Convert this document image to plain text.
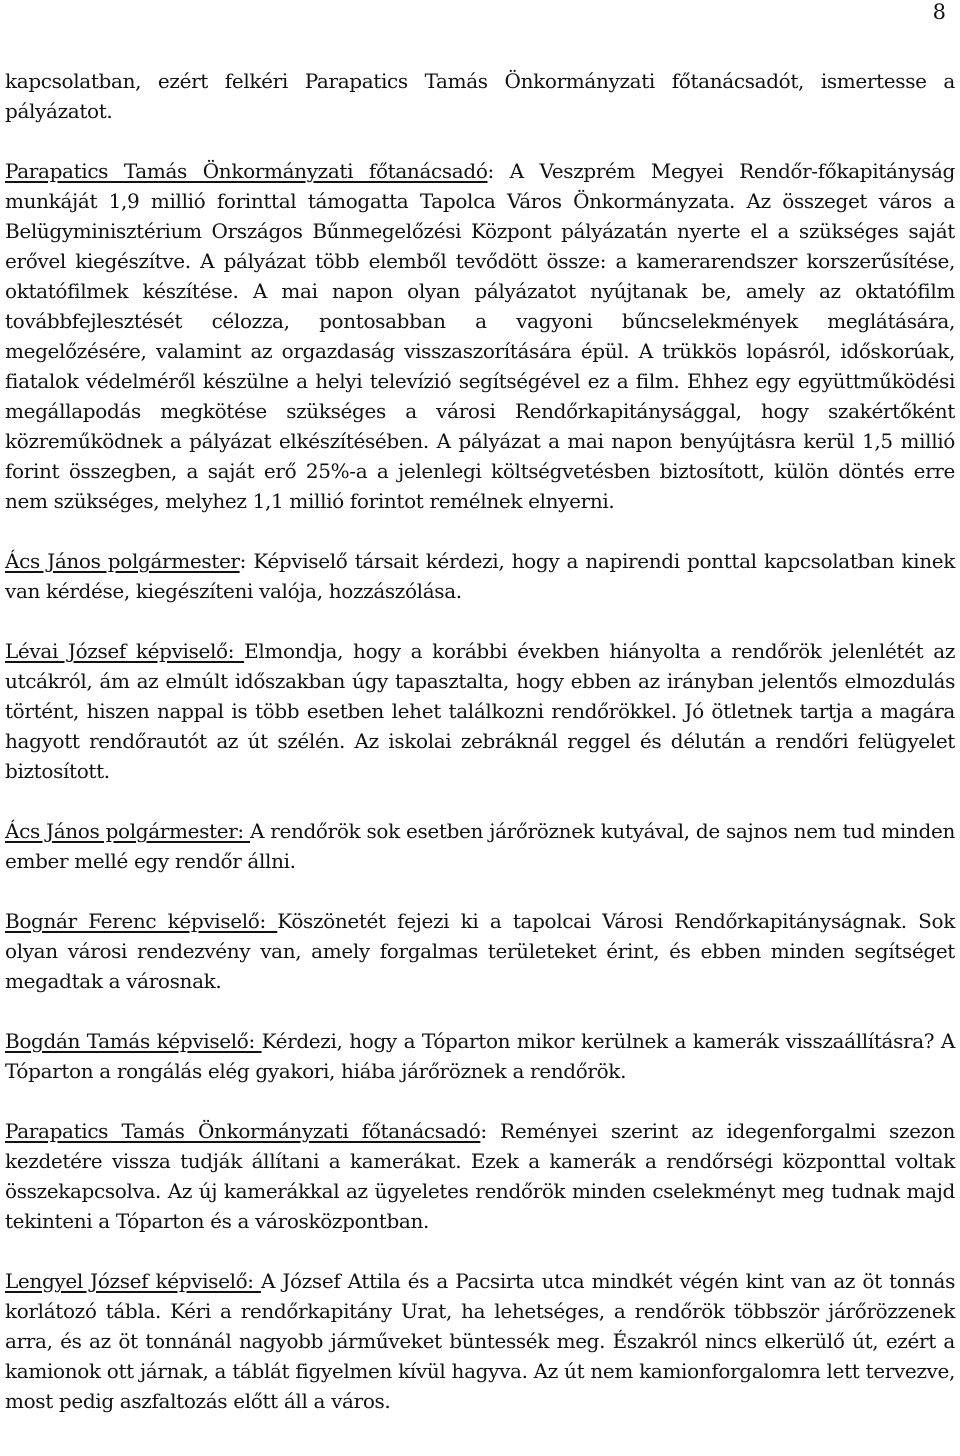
8

kapcsolatban, ezért felkéri Parapatics Tamás Önkormányzati főtanácsadót, ismertesse a pályázatot.

Parapatics Tamás Önkormányzati főtanácsadó: A Veszprém Megyei Rendőr-főkapitányság munkáját 1,9 millió forinttal támogatta Tapolca Város Önkormányzata. Az összeget város a Belügyminisztérium Országos Bűnmegelőzési Központ pályázatán nyerte el a szükséges saját erővel kiegészítve. A pályázat több elemből tevődött össze: a kamerarendszer korszerűsítése, oktatófilmek készítése. A mai napon olyan pályázatot nyújtanak be, amely az oktatófilm továbbfejlesztését célozza, pontosabban a vagyoni bűncselekmények meglátására, megelőzésére, valamint az orgazdaság visszaszorítására épül. A trükkös lopásról, időskorúak, fiatalok védelméről készülne a helyi televízió segítségével ez a film. Ehhez egy együttműködési megállapodás megkötése szükséges a városi Rendőrkapitánysággal, hogy szakértőként közreműködnek a pályázat elkészítésében. A pályázat a mai napon benyújtásra kerül 1,5 millió forint összegben, a saját erő 25%-a a jelenlegi költségvetésben biztosított, külön döntés erre nem szükséges, melyhez 1,1 millió forintot remélnek elnyerni.

Ács János polgármester: Képviselő társait kérdezi, hogy a napirendi ponttal kapcsolatban kinek van kérdése, kiegészíteni valója, hozzászólása.

Lévai József képviselő: Elmondja, hogy a korábbi években hiányolta a rendőrök jelenlétét az utcákról, ám az elmúlt időszakban úgy tapasztalta, hogy ebben az irányban jelentős elmozdulás történt, hiszen nappal is több esetben lehet találkozni rendőrökkel. Jó ötletnek tartja a magára hagyott rendőrautót az út szélén. Az iskolai zebráknál reggel és délután a rendőri felügyelet biztosított.

Ács János polgármester: A rendőrök sok esetben járőröznek kutyával, de sajnos nem tud minden ember mellé egy rendőr állni.

Bognár Ferenc képviselő: Köszönetét fejezi ki a tapolcai Városi Rendőrkapitányságnak. Sok olyan városi rendezvény van, amely forgalmas területeket érint, és ebben minden segítséget megadtak a városnak.

Bogdán Tamás képviselő: Kérdezi, hogy a Tóparton mikor kerülnek a kamerák visszaállításra? A Tóparton a rongálás elég gyakori, hiába járőröznek a rendőrök.

Parapatics Tamás Önkormányzati főtanácsadó: Reményei szerint az idegenforgalmi szezon kezdetére vissza tudják állítani a kamerákat. Ezek a kamerák a rendőrségi központtal voltak összekapcsolva. Az új kamerákkal az ügyeletes rendőrök minden cselekményt meg tudnak majd tekinteni a Tóparton és a városközpontban.

Lengyel József képviselő: A József Attila és a Pacsirta utca mindkét végén kint van az öt tonnás korlátozó tábla. Kéri a rendőrkapitány Urat, ha lehetséges, a rendőrök többször járőrözzenek arra, és az öt tonnánál nagyobb járműveket büntessék meg. Északról nincs elkerülő út, ezért a kamionok ott járnak, a táblát figyelmen kívül hagyva. Az út nem kamionforgalomra lett tervezve, most pedig aszfaltozás előtt áll a város.
